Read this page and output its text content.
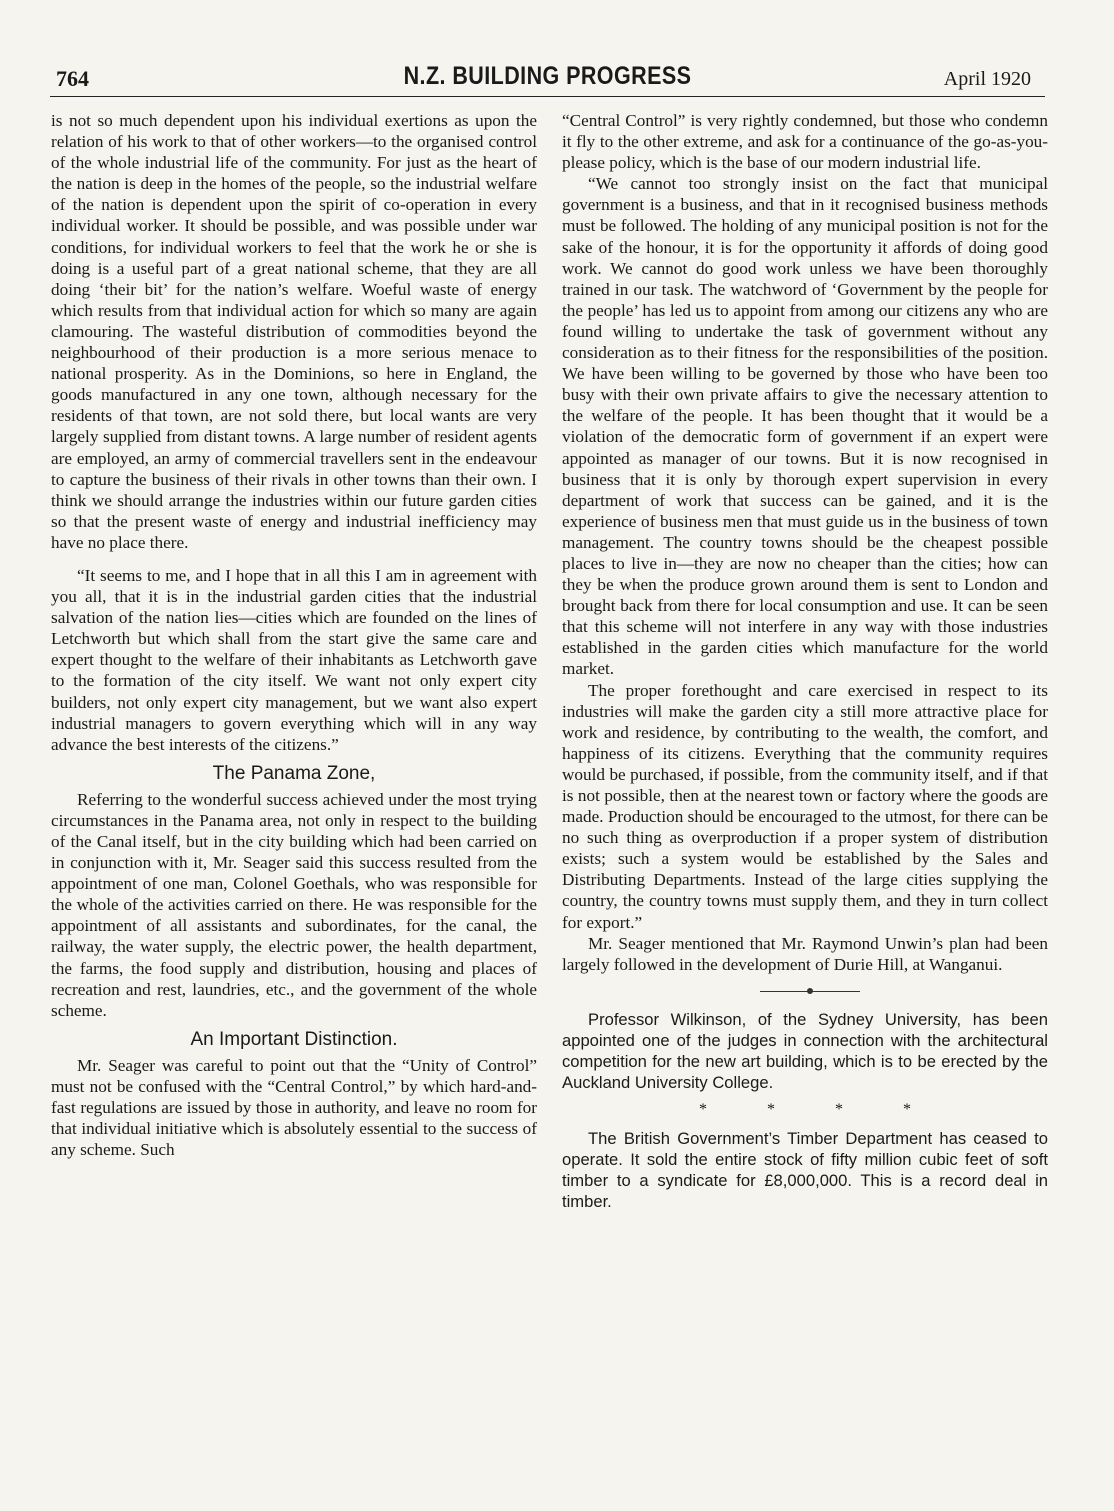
764	N.Z. BUILDING PROGRESS	April 1920

is not so much dependent upon his individual exertions as upon the relation of his work to that of other workers—to the organised control of the whole industrial life of the community. For just as the heart of the nation is deep in the homes of the people, so the industrial welfare of the nation is dependent upon the spirit of co-operation in every individual worker. It should be possible, and was possible under war conditions, for individual workers to feel that the work he or she is doing is a useful part of a great national scheme, that they are all doing ‘their bit’ for the nation’s welfare. Woeful waste of energy which results from that individual action for which so many are again clamouring. The wasteful distribution of commodities beyond the neighbourhood of their production is a more serious menace to national prosperity. As in the Dominions, so here in England, the goods manufactured in any one town, although necessary for the residents of that town, are not sold there, but local wants are very largely supplied from distant towns. A large number of resident agents are employed, an army of commercial travellers sent in the endeavour to capture the business of their rivals in other towns than their own. I think we should arrange the industries within our future garden cities so that the present waste of energy and industrial inefficiency may have no place there.

“It seems to me, and I hope that in all this I am in agreement with you all, that it is in the industrial garden cities that the industrial salvation of the nation lies—cities which are founded on the lines of Letchworth but which shall from the start give the same care and expert thought to the welfare of their inhabitants as Letchworth gave to the formation of the city itself. We want not only expert city builders, not only expert city management, but we want also expert industrial managers to govern everything which will in any way advance the best interests of the citizens.”

The Panama Zone,

Referring to the wonderful success achieved under the most trying circumstances in the Panama area, not only in respect to the building of the Canal itself, but in the city building which had been carried on in conjunction with it, Mr. Seager said this success resulted from the appointment of one man, Colonel Goethals, who was responsible for the whole of the activities carried on there. He was responsible for the appointment of all assistants and subordinates, for the canal, the railway, the water supply, the electric power, the health department, the farms, the food supply and distribution, housing and places of recreation and rest, laundries, etc., and the government of the whole scheme.

An Important Distinction.

Mr. Seager was careful to point out that the “Unity of Control” must not be confused with the “Central Control,” by which hard-and-fast regulations are issued by those in authority, and leave no room for that individual initiative which is absolutely essential to the success of any scheme. Such

“Central Control” is very rightly condemned, but those who condemn it fly to the other extreme, and ask for a continuance of the go-as-you-please policy, which is the base of our modern industrial life.

“We cannot too strongly insist on the fact that municipal government is a business, and that in it recognised business methods must be followed. The holding of any municipal position is not for the sake of the honour, it is for the opportunity it affords of doing good work. We cannot do good work unless we have been thoroughly trained in our task. The watchword of ‘Government by the people for the people’ has led us to appoint from among our citizens any who are found willing to undertake the task of government without any consideration as to their fitness for the responsibilities of the position. We have been willing to be governed by those who have been too busy with their own private affairs to give the necessary attention to the welfare of the people. It has been thought that it would be a violation of the democratic form of government if an expert were appointed as manager of our towns. But it is now recognised in business that it is only by thorough expert supervision in every department of work that success can be gained, and it is the experience of business men that must guide us in the business of town management. The country towns should be the cheapest possible places to live in—they are now no cheaper than the cities; how can they be when the produce grown around them is sent to London and brought back from there for local consumption and use. It can be seen that this scheme will not interfere in any way with those industries established in the garden cities which manufacture for the world market.

The proper forethought and care exercised in respect to its industries will make the garden city a still more attractive place for work and residence, by contributing to the wealth, the comfort, and happiness of its citizens. Everything that the community requires would be purchased, if possible, from the community itself, and if that is not possible, then at the nearest town or factory where the goods are made. Production should be encouraged to the utmost, for there can be no such thing as overproduction if a proper system of distribution exists; such a system would be established by the Sales and Distributing Departments. Instead of the large cities supplying the country, the country towns must supply them, and they in turn collect for export.”

Mr. Seager mentioned that Mr. Raymond Unwin’s plan had been largely followed in the development of Durie Hill, at Wanganui.

Professor Wilkinson, of the Sydney University, has been appointed one of the judges in connection with the architectural competition for the new art building, which is to be erected by the Auckland University College.

* * * *

The British Government’s Timber Department has ceased to operate. It sold the entire stock of fifty million cubic feet of soft timber to a syndicate for £8,000,000. This is a record deal in timber.
